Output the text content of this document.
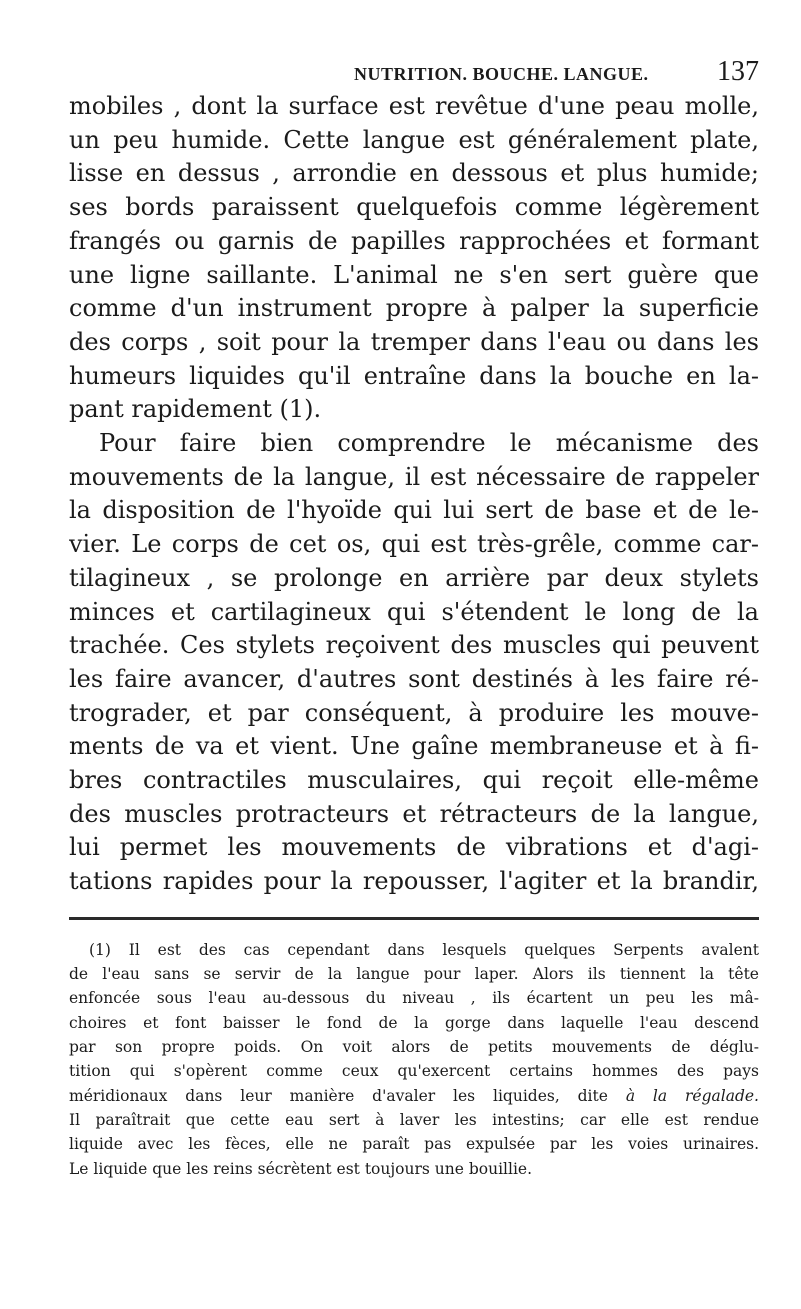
NUTRITION. BOUCHE. LANGUE. 137
mobiles , dont la surface est revêtue d'une peau molle,
un peu humide. Cette langue est généralement plate,
lisse en dessus , arrondie en dessous et plus humide;
ses bords paraissent quelquefois comme légèrement
frangés ou garnis de papilles rapprochées et formant
une ligne saillante. L'animal ne s'en sert guère que
comme d'un instrument propre à palper la superficie
des corps , soit pour la tremper dans l'eau ou dans les
humeurs liquides qu'il entraîne dans la bouche en la-
pant rapidement (1).
Pour faire bien comprendre le mécanisme des
mouvements de la langue, il est nécessaire de rappeler
la disposition de l'hyoïde qui lui sert de base et de le-
vier. Le corps de cet os, qui est très-grêle, comme car-
tilagineux , se prolonge en arrière par deux stylets
minces et cartilagineux qui s'étendent le long de la
trachée. Ces stylets reçoivent des muscles qui peuvent
les faire avancer, d'autres sont destinés à les faire ré-
trograder, et par conséquent, à produire les mouve-
ments de va et vient. Une gaîne membraneuse et à fi-
bres contractiles musculaires, qui reçoit elle-même
des muscles protracteurs et rétracteurs de la langue,
lui permet les mouvements de vibrations et d'agi-
tations rapides pour la repousser, l'agiter et la brandir,
(1) Il est des cas cependant dans lesquels quelques Serpents avalent
de l'eau sans se servir de la langue pour laper. Alors ils tiennent la tête
enfoncée sous l'eau au-dessous du niveau , ils écartent un peu les mâ-
choires et font baisser le fond de la gorge dans laquelle l'eau descend
par son propre poids. On voit alors de petits mouvements de déglu-
tition qui s'opèrent comme ceux qu'exercent certains hommes des pays
méridionaux dans leur manière d'avaler les liquides, dite à la régalade.
Il paraîtrait que cette eau sert à laver les intestins; car elle est rendue
liquide avec les fèces, elle ne paraît pas expulsée par les voies urinaires.
Le liquide que les reins sécrètent est toujours une bouillie.
